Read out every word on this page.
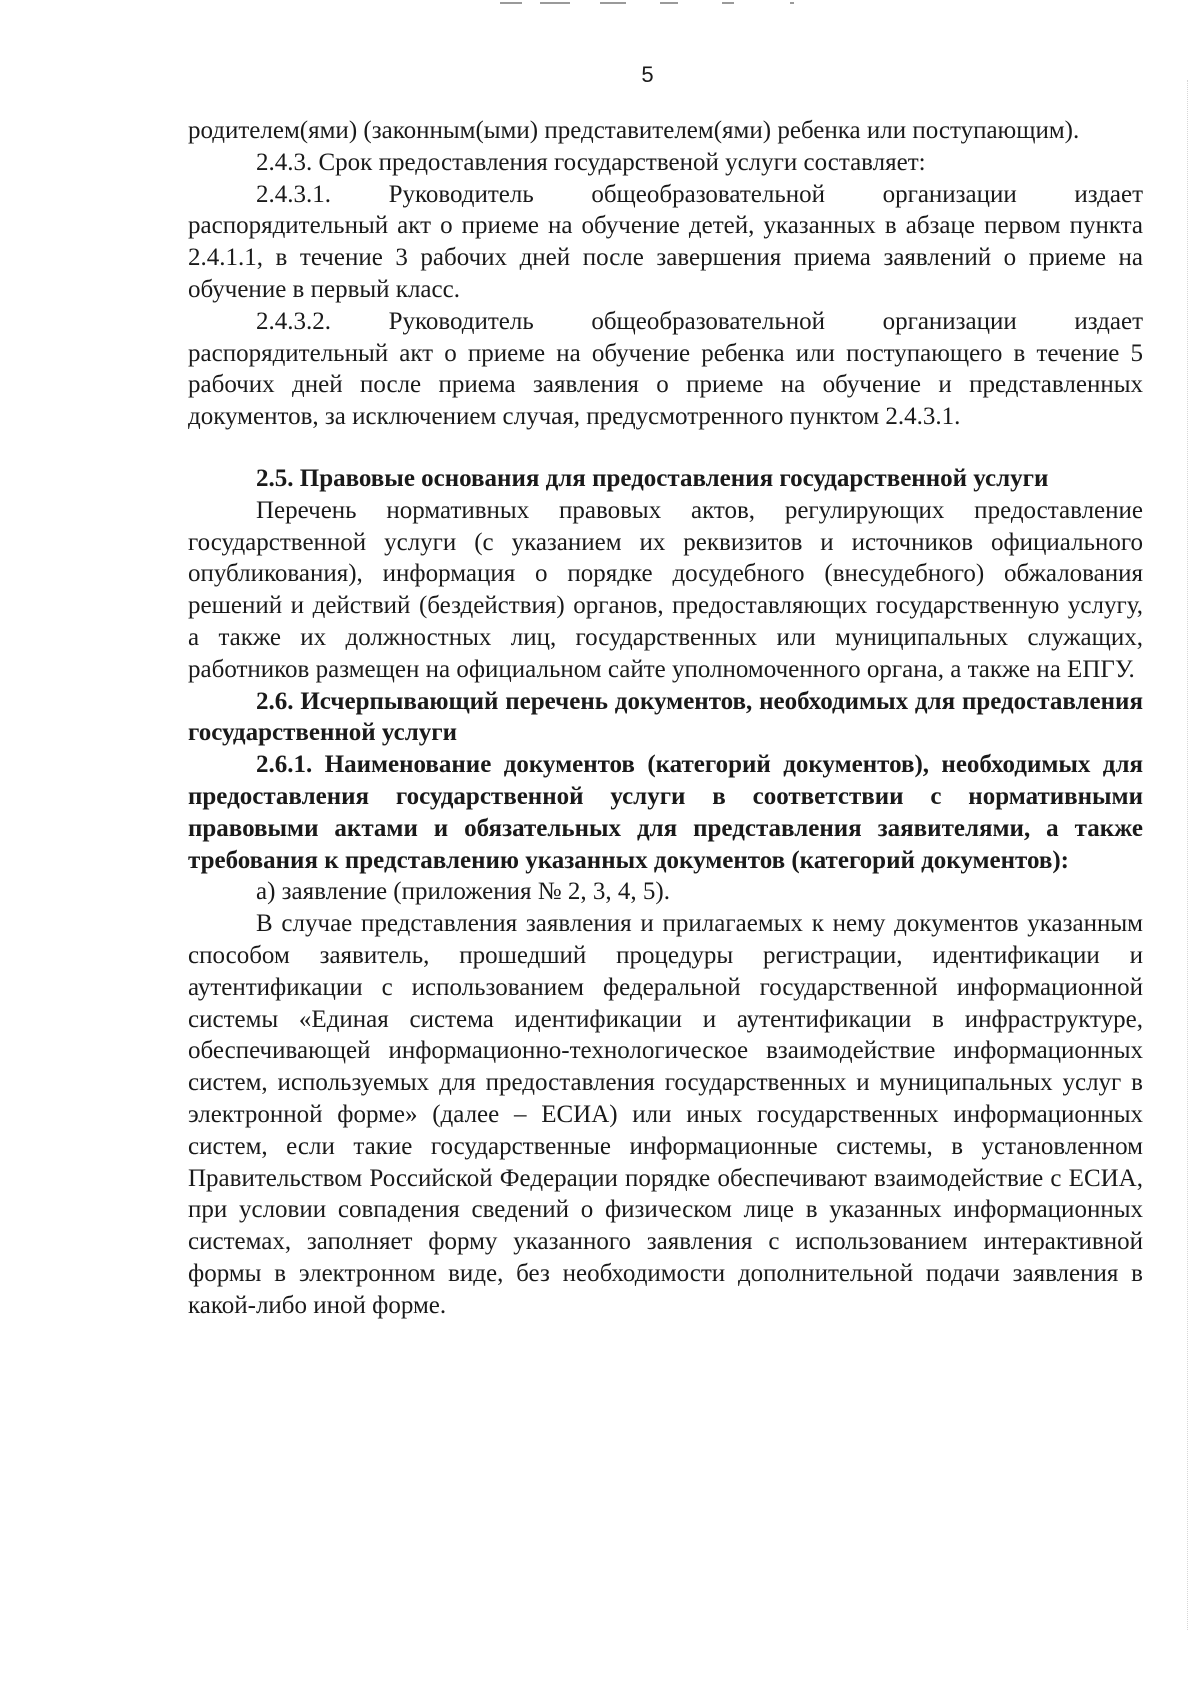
5

родителем(ями) (законным(ыми) представителем(ями) ребенка или поступающим).

2.4.3. Срок предоставления государственой услуги составляет:

2.4.3.1. Руководитель общеобразовательной организации издает распорядительный акт о приеме на обучение детей, указанных в абзаце первом пункта 2.4.1.1, в течение 3 рабочих дней после завершения приема заявлений о приеме на обучение в первый класс.

2.4.3.2. Руководитель общеобразовательной организации издает распорядительный акт о приеме на обучение ребенка или поступающего в течение 5 рабочих дней после приема заявления о приеме на обучение и представленных документов, за исключением случая, предусмотренного пунктом 2.4.3.1.

2.5. Правовые основания для предоставления государственной услуги

Перечень нормативных правовых актов, регулирующих предоставление государственной услуги (с указанием их реквизитов и источников официального опубликования), информация о порядке досудебного (внесудебного) обжалования решений и действий (бездействия) органов, предоставляющих государственную услугу, а также их должностных лиц, государственных или муниципальных служащих, работников размещен на официальном сайте уполномоченного органа, а также на ЕПГУ.

2.6. Исчерпывающий перечень документов, необходимых для предоставления государственной услуги

2.6.1. Наименование документов (категорий документов), необходимых для предоставления государственной услуги в соответствии с нормативными правовыми актами и обязательных для представления заявителями, а также требования к представлению указанных документов (категорий документов):

а) заявление (приложения № 2, 3, 4, 5).

В случае представления заявления и прилагаемых к нему документов указанным способом заявитель, прошедший процедуры регистрации, идентификации и аутентификации с использованием федеральной государственной информационной системы «Единая система идентификации и аутентификации в инфраструктуре, обеспечивающей информационно-технологическое взаимодействие информационных систем, используемых для предоставления государственных и муниципальных услуг в электронной форме» (далее – ЕСИА) или иных государственных информационных систем, если такие государственные информационные системы, в установленном Правительством Российской Федерации порядке обеспечивают взаимодействие с ЕСИА, при условии совпадения сведений о физическом лице в указанных информационных системах, заполняет форму указанного заявления с использованием интерактивной формы в электронном виде, без необходимости дополнительной подачи заявления в какой-либо иной форме.
